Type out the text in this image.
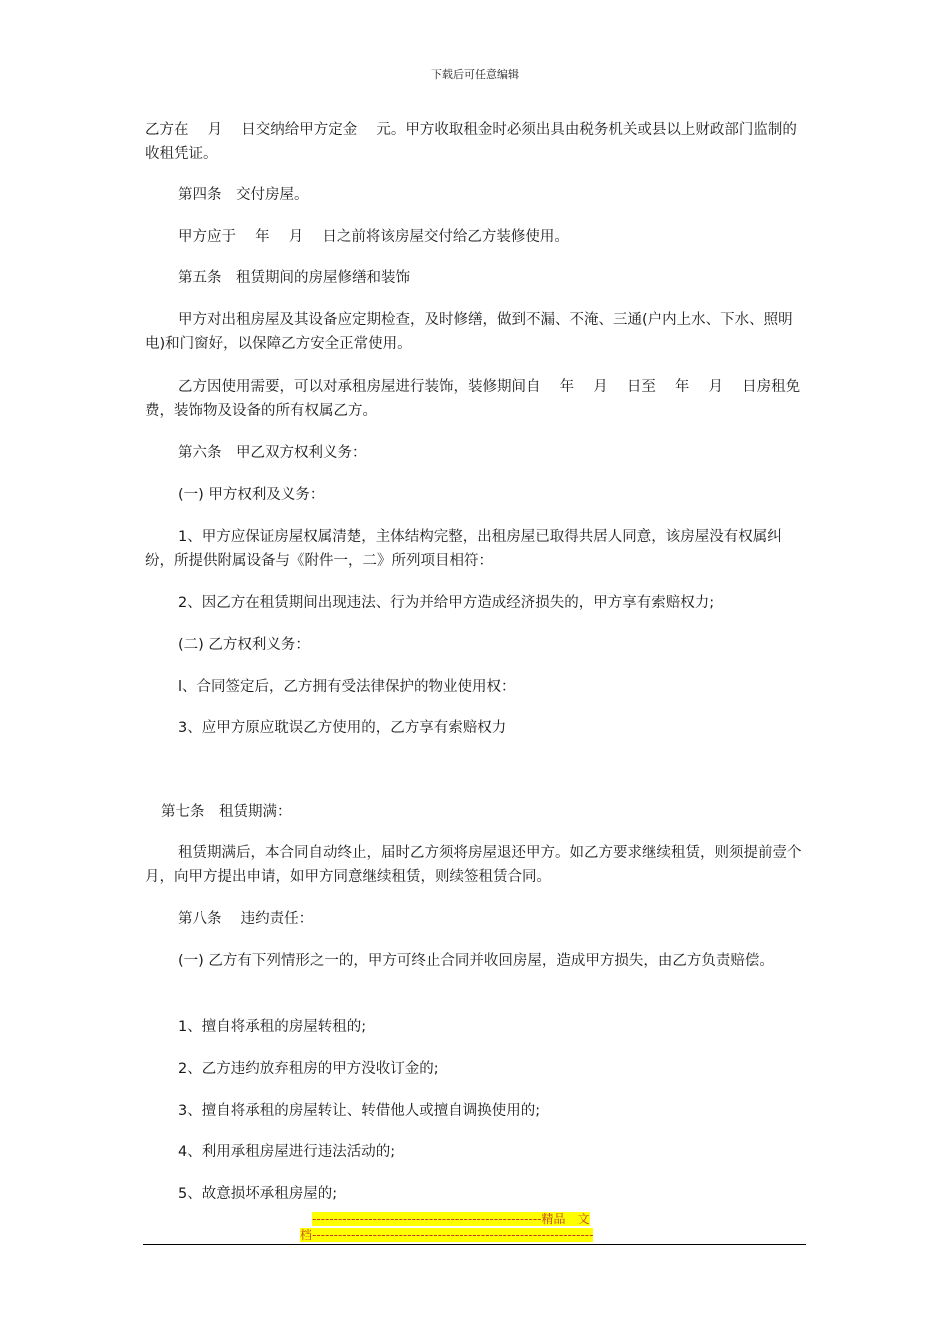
下载后可任意编辑

乙方在　 月　 日交纳给甲方定金　 元。甲方收取租金时必须出具由税务机关或县以上财政部门监制的收租凭证。

第四条　交付房屋。

甲方应于　 年　 月　 日之前将该房屋交付给乙方装修使用。

第五条　租赁期间的房屋修缮和装饰

甲方对出租房屋及其设备应定期检查，及时修缮，做到不漏、不淹、三通(户内上水、下水、照明电)和门窗好，以保障乙方安全正常使用。

乙方因使用需要，可以对承租房屋进行装饰，装修期间自　 年　 月　 日至　 年　 月　 日房租免费，装饰物及设备的所有权属乙方。

第六条　甲乙双方权利义务：

(一) 甲方权利及义务：

1、甲方应保证房屋权属清楚，主体结构完整，出租房屋已取得共居人同意，该房屋没有权属纠纷，所提供附属设备与《附件一，二》所列项目相符：

2、因乙方在租赁期间出现违法、行为并给甲方造成经济损失的，甲方享有索赔权力;

(二) 乙方权利义务：

l、合同签定后，乙方拥有受法律保护的物业使用权：

3、应甲方原应耽误乙方使用的，乙方享有索赔权力

第七条　租赁期满：

租赁期满后，本合同自动终止，届时乙方须将房屋退还甲方。如乙方要求继续租赁，则须提前壹个月，向甲方提出申请，如甲方同意继续租赁，则续签租赁合同。

第八条　 违约责任：

(一) 乙方有下列情形之一的，甲方可终止合同并收回房屋，造成甲方损失，由乙方负责赔偿。

1、擅自将承租的房屋转租的;

2、乙方违约放弃租房的甲方没收订金的;

3、擅自将承租的房屋转让、转借他人或擅自调换使用的;

4、利用承租房屋进行违法活动的;

5、故意损坏承租房屋的;

-----------------------------------------------------精品　文
档-----------------------------------------------------------------
